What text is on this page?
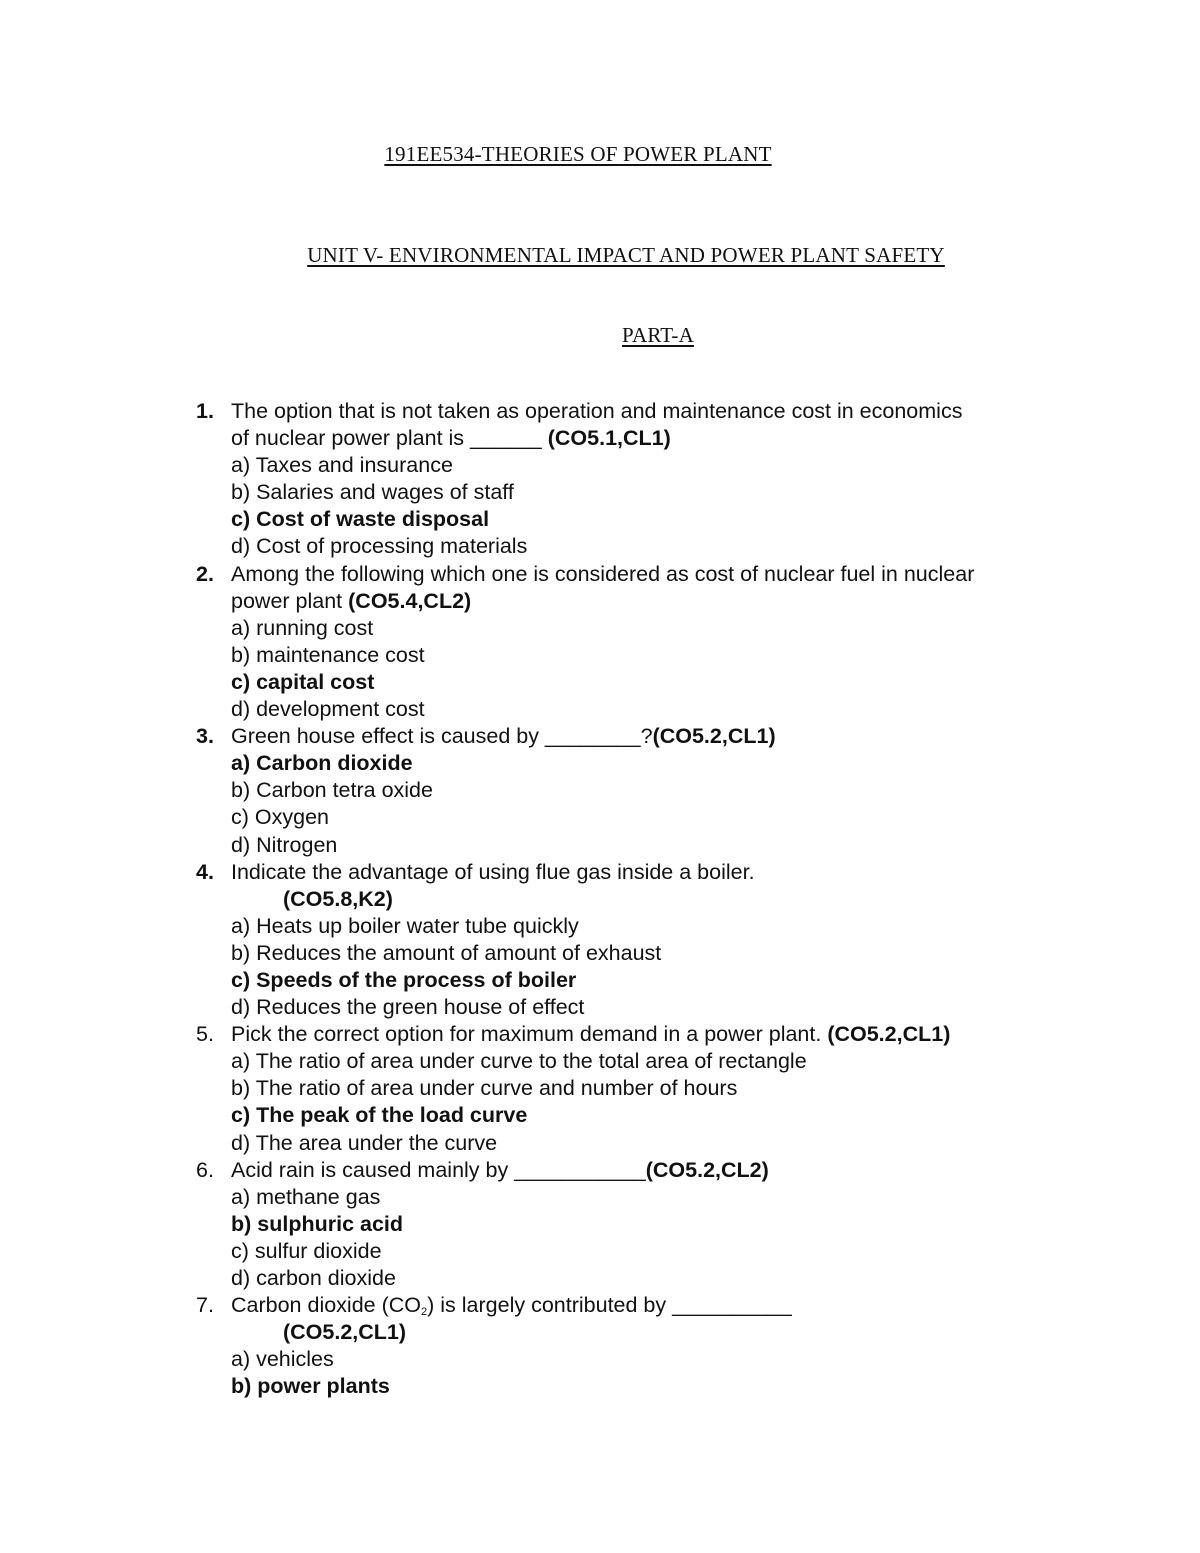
191EE534-THEORIES OF POWER PLANT
UNIT V- ENVIRONMENTAL IMPACT AND POWER PLANT SAFETY
PART-A
1. The option that is not taken as operation and maintenance cost in economics
of nuclear power plant is ______ (CO5.1,CL1)
a) Taxes and insurance
b) Salaries and wages of staff
c) Cost of waste disposal
d) Cost of processing materials
2. Among the following which one is considered as cost of nuclear fuel in nuclear
power plant (CO5.4,CL2)
a) running cost
b) maintenance cost
c) capital cost
d) development cost
3. Green house effect is caused by ________?(CO5.2,CL1)
a) Carbon dioxide
b) Carbon tetra oxide
c) Oxygen
d) Nitrogen
4. Indicate the advantage of using flue gas inside a boiler.
(CO5.8,K2)
a) Heats up boiler water tube quickly
b) Reduces the amount of amount of exhaust
c) Speeds of the process of boiler
d) Reduces the green house of effect
5. Pick the correct option for maximum demand in a power plant. (CO5.2,CL1)
a) The ratio of area under curve to the total area of rectangle
b) The ratio of area under curve and number of hours
c) The peak of the load curve
d) The area under the curve
6. Acid rain is caused mainly by ___________(CO5.2,CL2)
a) methane gas
b) sulphuric acid
c) sulfur dioxide
d) carbon dioxide
7. Carbon dioxide $(CO_2)$ is largely contributed by __________
(CO5.2,CL1)
a) vehicles
b) power plants
